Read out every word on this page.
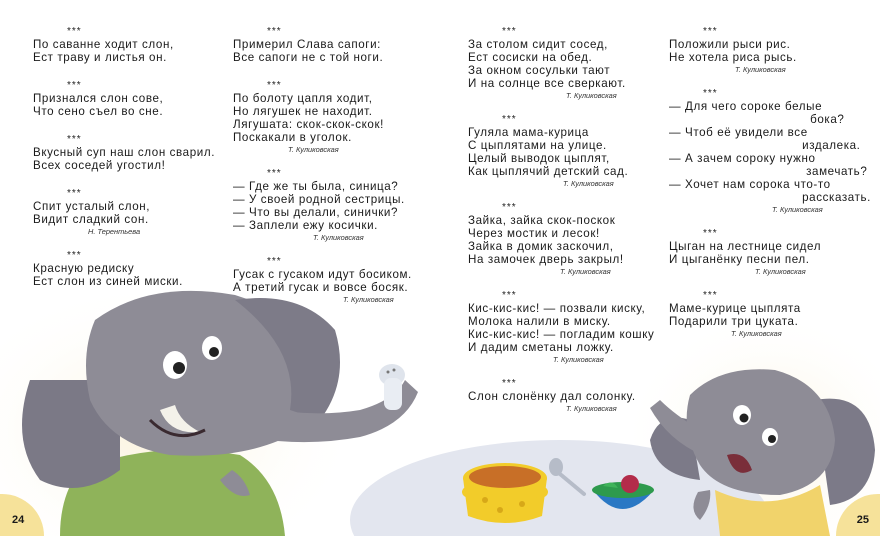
***
По саванне ходит слон,
Ест траву и листья он.
***
Признался слон сове,
Что сено съел во сне.
***
Вкусный суп наш слон сварил.
Всех соседей угостил!
***
Спит усталый слон,
Видит сладкий сон.
Н. Терентьева
***
Красную редиску
Ест слон из синей миски.
***
Примерил Слава сапоги:
Все сапоги не с той ноги.
***
По болоту цапля ходит,
Но лягушек не находит.
Лягушата: скок-скок-скок!
Поскакали в уголок.
Т. Куликовская
***
— Где же ты была, синица?
— У своей родной сестрицы.
— Что вы делали, синички?
— Заплели ежу косички.
Т. Куликовская
***
Гусак с гусаком идут босиком.
А третий гусак и вовсе босяк.
Т. Куликовская
24
***
За столом сидит сосед,
Ест сосиски на обед.
За окном сосульки тают
И на солнце все сверкают.
Т. Куликовская
***
Гуляла мама-курица
С цыплятами на улице.
Целый выводок цыплят,
Как цыплячий детский сад.
Т. Куликовская
***
Зайка, зайка скок-поскок
Через мостик и лесок!
Зайка в домик заскочил,
На замочек дверь закрыл!
Т. Куликовская
***
Кис-кис-кис! — позвали киску,
Молока налили в миску.
Кис-кис-кис! — погладим кошку
И дадим сметаны ложку.
Т. Куликовская
***
Слон слонёнку дал солонку.
Т. Куликовская
***
Положили рыси рис.
Не хотела риса рысь.
Т. Куликовская
***
— Для чего сороке белые
бока?
— Чтоб её увидели все
издалека.
— А зачем сороку нужно
замечать?
— Хочет нам сорока что-то
рассказать.
Т. Куликовская
***
Цыган на лестнице сидел
И цыганёнку песни пел.
Т. Куликовская
***
Маме-курице цыплята
Подарили три цуката.
Т. Куликовская
25
